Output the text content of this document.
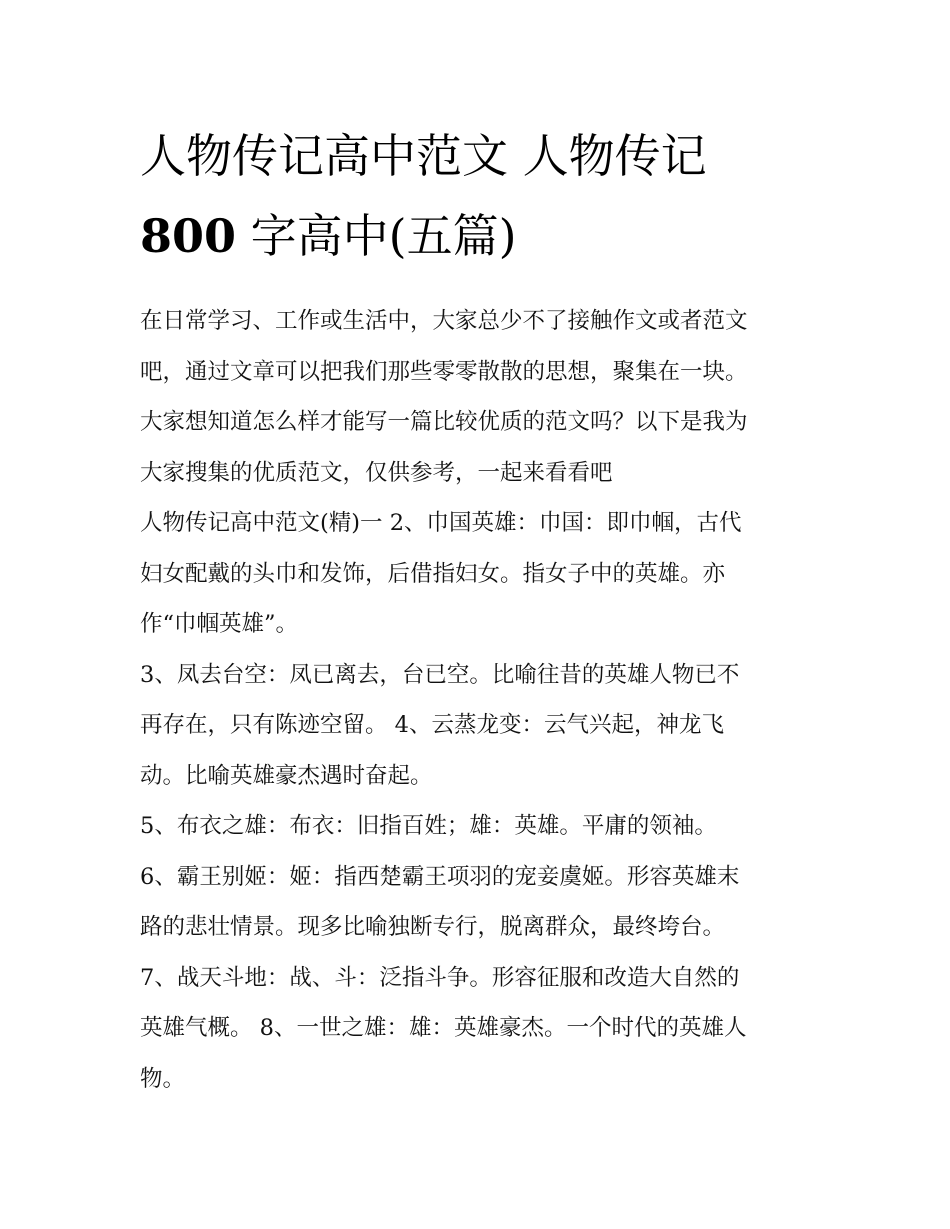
人物传记高中范文 人物传记
800 字高中(五篇)

在日常学习、工作或生活中，大家总少不了接触作文或者范文
吧，通过文章可以把我们那些零零散散的思想，聚集在一块。
大家想知道怎么样才能写一篇比较优质的范文吗？以下是我为
大家搜集的优质范文，仅供参考，一起来看看吧

人物传记高中范文(精)一 2、巾国英雄：巾国：即巾帼，古代
妇女配戴的头巾和发饰，后借指妇女。指女子中的英雄。亦
作“巾帼英雄”。

3、凤去台空：凤已离去，台已空。比喻往昔的英雄人物已不
再存在，只有陈迹空留。 4、云蒸龙变：云气兴起，神龙飞
动。比喻英雄豪杰遇时奋起。

5、布衣之雄：布衣：旧指百姓；雄：英雄。平庸的领袖。

6、霸王别姬：姬：指西楚霸王项羽的宠妾虞姬。形容英雄末
路的悲壮情景。现多比喻独断专行，脱离群众，最终垮台。

7、战天斗地：战、斗：泛指斗争。形容征服和改造大自然的
英雄气概。 8、一世之雄：雄：英雄豪杰。一个时代的英雄人
物。
